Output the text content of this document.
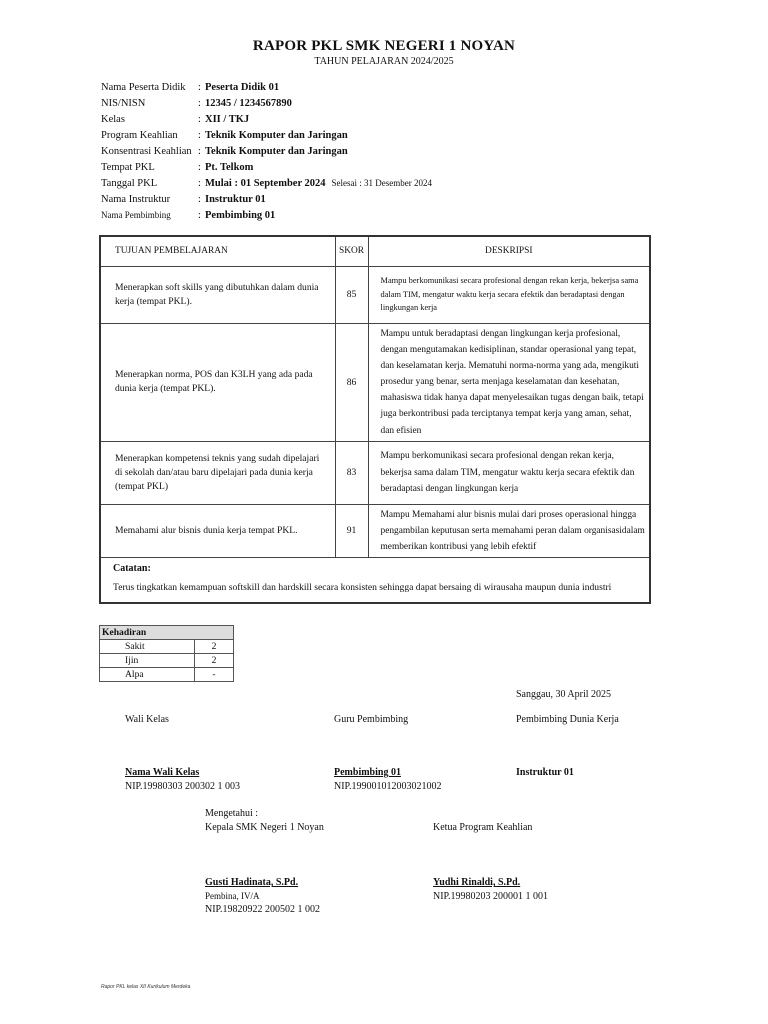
RAPOR PKL SMK NEGERI 1 NOYAN
TAHUN PELAJARAN 2024/2025
Nama Peserta Didik	: Peserta Didik 01
NIS/NISN	: 12345 / 1234567890
Kelas	: XII / TKJ
Program Keahlian	: Teknik Komputer dan Jaringan
Konsentrasi Keahlian : Teknik Komputer dan Jaringan
Tempat PKL	: Pt. Telkom
Tanggal PKL	: Mulai : 01 September 2024 Selesai : 31 Desember 2024
Nama Instruktur	: Instruktur 01
Nama Pembimbing	: Pembimbing 01
TUJUAN PEMBELAJARAN	SKOR	DESKRIPSI
Menerapkan soft skills yang dibutuhkan dalam dunia kerja (tempat PKL).	85	Mampu berkomunikasi secara profesional dengan rekan kerja, bekerjsa sama dalam TIM, mengatur waktu kerja secara efektik dan beradaptasi dengan lingkungan kerja
Menerapkan norma, POS dan K3LH yang ada pada dunia kerja (tempat PKL).	86	Mampu untuk beradaptasi dengan lingkungan kerja profesional, dengan mengutamakan kedisiplinan, standar operasional yang tepat, dan keselamatan kerja. Mematuhi norma-norma yang ada, mengikuti prosedur yang benar, serta menjaga keselamatan dan kesehatan, mahasiswa tidak hanya dapat menyelesaikan tugas dengan baik, tetapi juga berkontribusi pada terciptanya tempat kerja yang aman, sehat, dan efisien
Menerapkan kompetensi teknis yang sudah dipelajari di sekolah dan/atau baru dipelajari pada dunia kerja (tempat PKL)	83	Mampu berkomunikasi secara profesional dengan rekan kerja, bekerjsa sama dalam TIM, mengatur waktu kerja secara efektik dan beradaptasi dengan lingkungan kerja
Memahami alur bisnis dunia kerja tempat PKL.	91	Mampu Memahami alur bisnis mulai dari proses operasional hingga pengambilan keputusan serta memahami peran dalam organisasidalam memberikan kontribusi yang lebih efektif

Catatan:
Terus tingkatkan kemampuan softskill dan hardskill secara konsisten sehingga dapat bersaing di wirausaha maupun dunia industri		
Kehadiran	
Sakit	2
Ijin	2
Alpa	-
Sanggau, 30 April 2025
Wali Kelas	Guru Pembimbing	Pembimbing Dunia Kerja
Nama Wali Kelas
NIP.19980303 200302 1 003
Pembimbing 01
NIP.199001012003021002
Instruktur 01
Mengetahui :
Kepala SMK Negeri 1 Noyan	Ketua Program Keahlian
Gusti Hadinata, S.Pd.
Pembina, IV/A
NIP.19820922 200502 1 002
Yudhi Rinaldi, S.Pd.
NIP.19980203 200001 1 001
Rapor PKL kelas XII Kurikulum Merdeka
